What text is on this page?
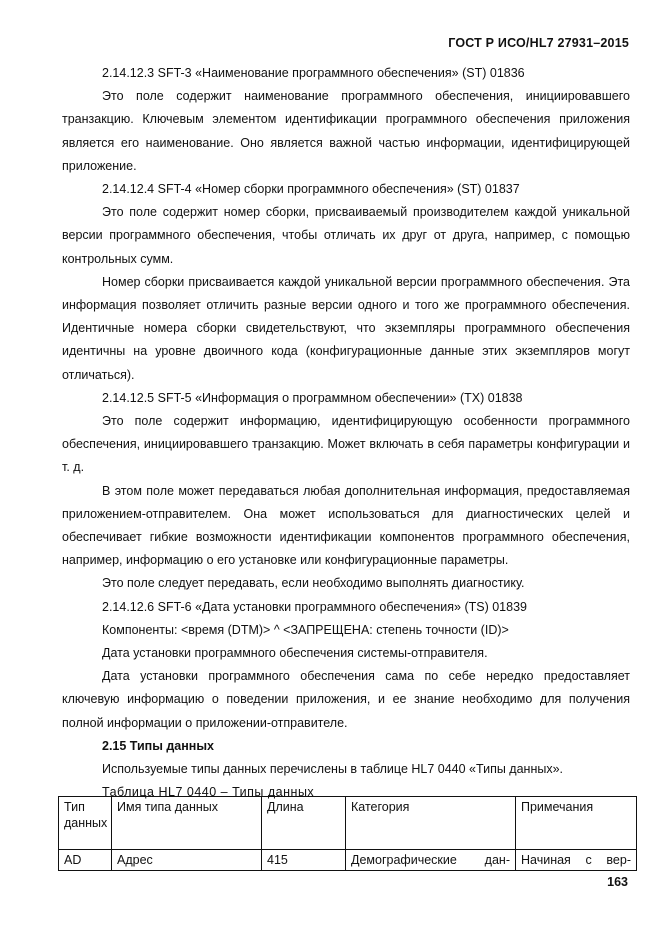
ГОСТ Р ИСО/HL7 27931–2015

2.14.12.3 SFT-3 «Наименование программного обеспечения» (ST) 01836

Это поле содержит наименование программного обеспечения, инициировавшего транзакцию. Ключевым элементом идентификации программного обеспечения приложения является его наименование. Оно является важной частью информации, идентифицирующей приложение.

2.14.12.4 SFT-4 «Номер сборки программного обеспечения» (ST) 01837

Это поле содержит номер сборки, присваиваемый производителем каждой уникальной версии программного обеспечения, чтобы отличать их друг от друга, например, с помощью контрольных сумм.

Номер сборки присваивается каждой уникальной версии программного обеспечения. Эта информация позволяет отличить разные версии одного и того же программного обеспечения. Идентичные номера сборки свидетельствуют, что экземпляры программного обеспечения идентичны на уровне двоичного кода (конфигурационные данные этих экземпляров могут отличаться).

2.14.12.5 SFT-5 «Информация о программном обеспечении» (TX) 01838

Это поле содержит информацию, идентифицирующую особенности программного обеспечения, инициировавшего транзакцию. Может включать в себя параметры конфигурации и т. д.

В этом поле может передаваться любая дополнительная информация, предоставляемая приложением-отправителем. Она может использоваться для диагностических целей и обеспечивает гибкие возможности идентификации компонентов программного обеспечения, например, информацию о его установке или конфигурационные параметры.

Это поле следует передавать, если необходимо выполнять диагностику.

2.14.12.6 SFT-6 «Дата установки программного обеспечения» (TS) 01839

Компоненты: <время (DTM)> ^ <ЗАПРЕЩЕНА: степень точности (ID)>

Дата установки программного обеспечения системы-отправителя.

Дата установки программного обеспечения сама по себе нередко предоставляет ключевую информацию о поведении приложения, и ее знание необходимо для получения полной информации о приложении-отправителе.

2.15 Типы данных

Используемые типы данных перечислены в таблице HL7 0440 «Типы данных».

Таблица HL7 0440 – Типы данных

Тип данных	Имя типа данных	Длина	Категория	Примечания
AD	Адрес	415	Демографические дан-	Начиная с вер-
163
